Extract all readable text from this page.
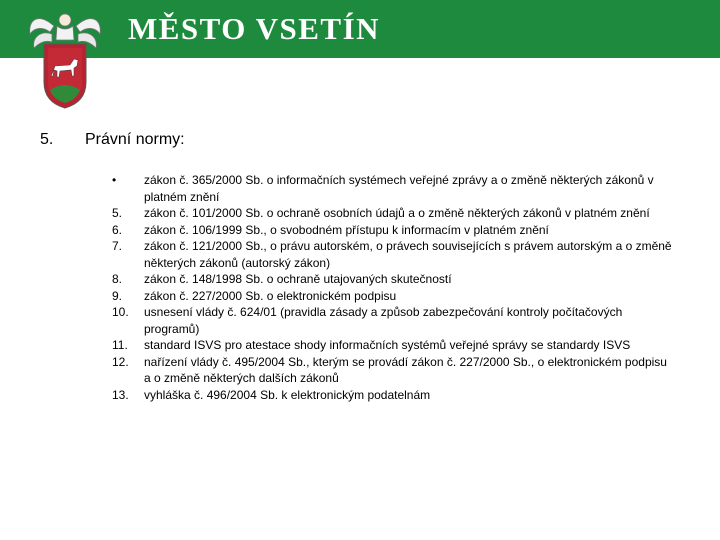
MĚSTO VSETÍN
5. Právní normy:
•	zákon č. 365/2000 Sb. o informačních systémech veřejné zprávy a o změně některých zákonů v platném znění
5.	zákon č. 101/2000 Sb. o ochraně osobních údajů a o změně některých zákonů v platném znění
6.	zákon č. 106/1999 Sb., o svobodném přístupu k informacím v platném znění
7.	zákon č. 121/2000 Sb., o právu autorském, o právech souvisejících s právem autorským a o změně některých zákonů (autorský zákon)
8.	zákon č. 148/1998 Sb. o ochraně utajovaných skutečností
9.	zákon č. 227/2000 Sb. o elektronickém podpisu
10.	usnesení vlády č. 624/01 (pravidla zásady a způsob zabezpečování kontroly počítačových programů)
11.	standard ISVS pro atestace shody informačních systémů veřejné správy se standardy ISVS
12.	nařízení vlády č. 495/2004 Sb., kterým se provádí zákon č. 227/2000 Sb., o elektronickém podpisu a o změně některých dalších zákonů
13.	vyhláška č. 496/2004 Sb. k elektronickým podatelnám
